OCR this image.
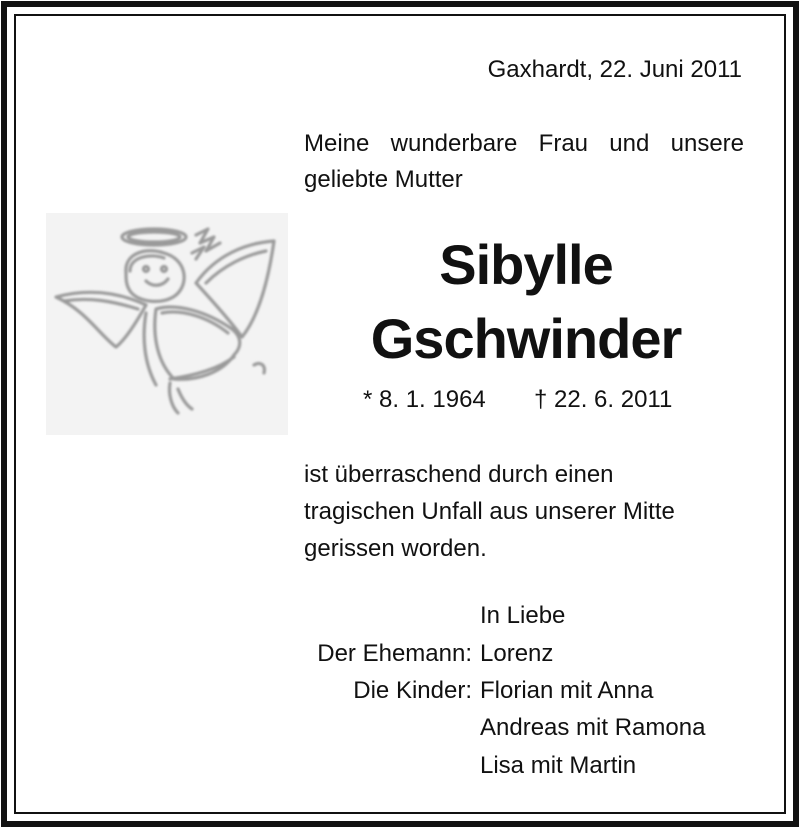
Gaxhardt, 22. Juni 2011
Meine wunderbare Frau und unsere geliebte Mutter
Sibylle
Gschwinder
* 8. 1. 1964 † 22. 6. 2011
ist überraschend durch einen
tragischen Unfall aus unserer Mitte
gerissen worden.
In Liebe
Der Ehemann: Lorenz
Die Kinder: Florian mit Anna
Andreas mit Ramona
Lisa mit Martin
